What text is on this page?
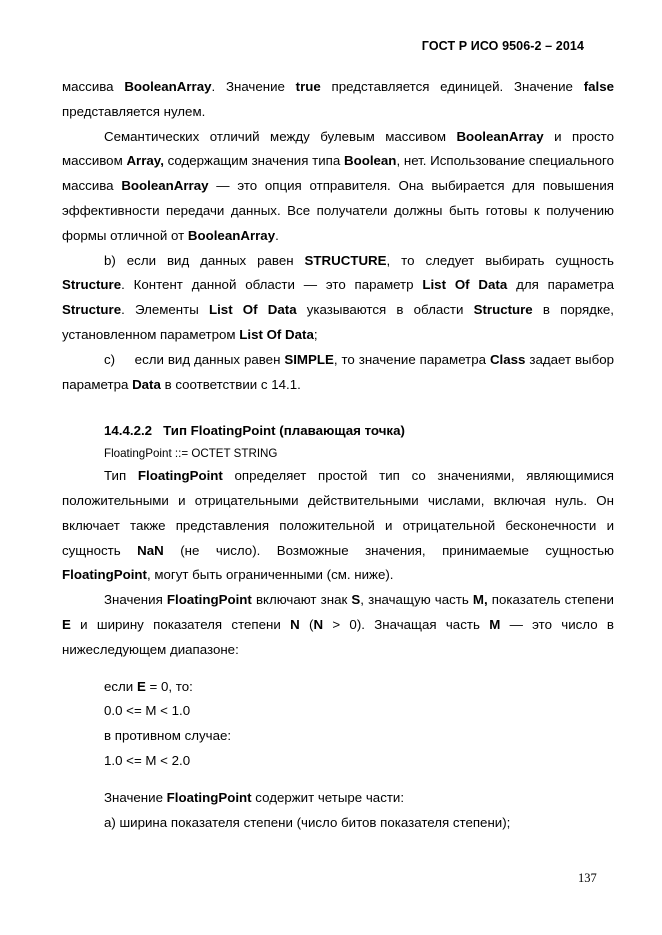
ГОСТ Р ИСО 9506-2 – 2014

массива BooleanArray. Значение true представляется единицей. Значение false представляется нулем.

Семантических отличий между булевым массивом BooleanArray и просто массивом Array, содержащим значения типа Boolean, нет. Использование специального массива BooleanArray — это опция отправителя. Она выбирается для повышения эффективности передачи данных. Все получатели должны быть готовы к получению формы отличной от BooleanArray.

b) если вид данных равен STRUCTURE, то следует выбирать сущность Structure. Контент данной области — это параметр List Of Data для параметра Structure. Элементы List Of Data указываются в области Structure в порядке, установленном параметром List Of Data;

c)     если вид данных равен SIMPLE, то значение параметра Class задает выбор параметра Data в соответствии с 14.1.

14.4.2.2 Тип FloatingPoint (плавающая точка)

FloatingPoint ::= OCTET STRING

Тип FloatingPoint определяет простой тип со значениями, являющимися положительными и отрицательными действительными числами, включая нуль. Он включает также представления положительной и отрицательной бесконечности и сущность NaN (не число). Возможные значения, принимаемые сущностью FloatingPoint, могут быть ограниченными (см. ниже).

Значения FloatingPoint включают знак S, значащую часть M, показатель степени E и ширину показателя степени N (N > 0). Значащая часть M — это число в нижеследующем диапазоне:

если E = 0, то:

0.0 <= M < 1.0

в противном случае:

1.0 <= M < 2.0

Значение FloatingPoint содержит четыре части:

a) ширина показателя степени (число битов показателя степени);

137
